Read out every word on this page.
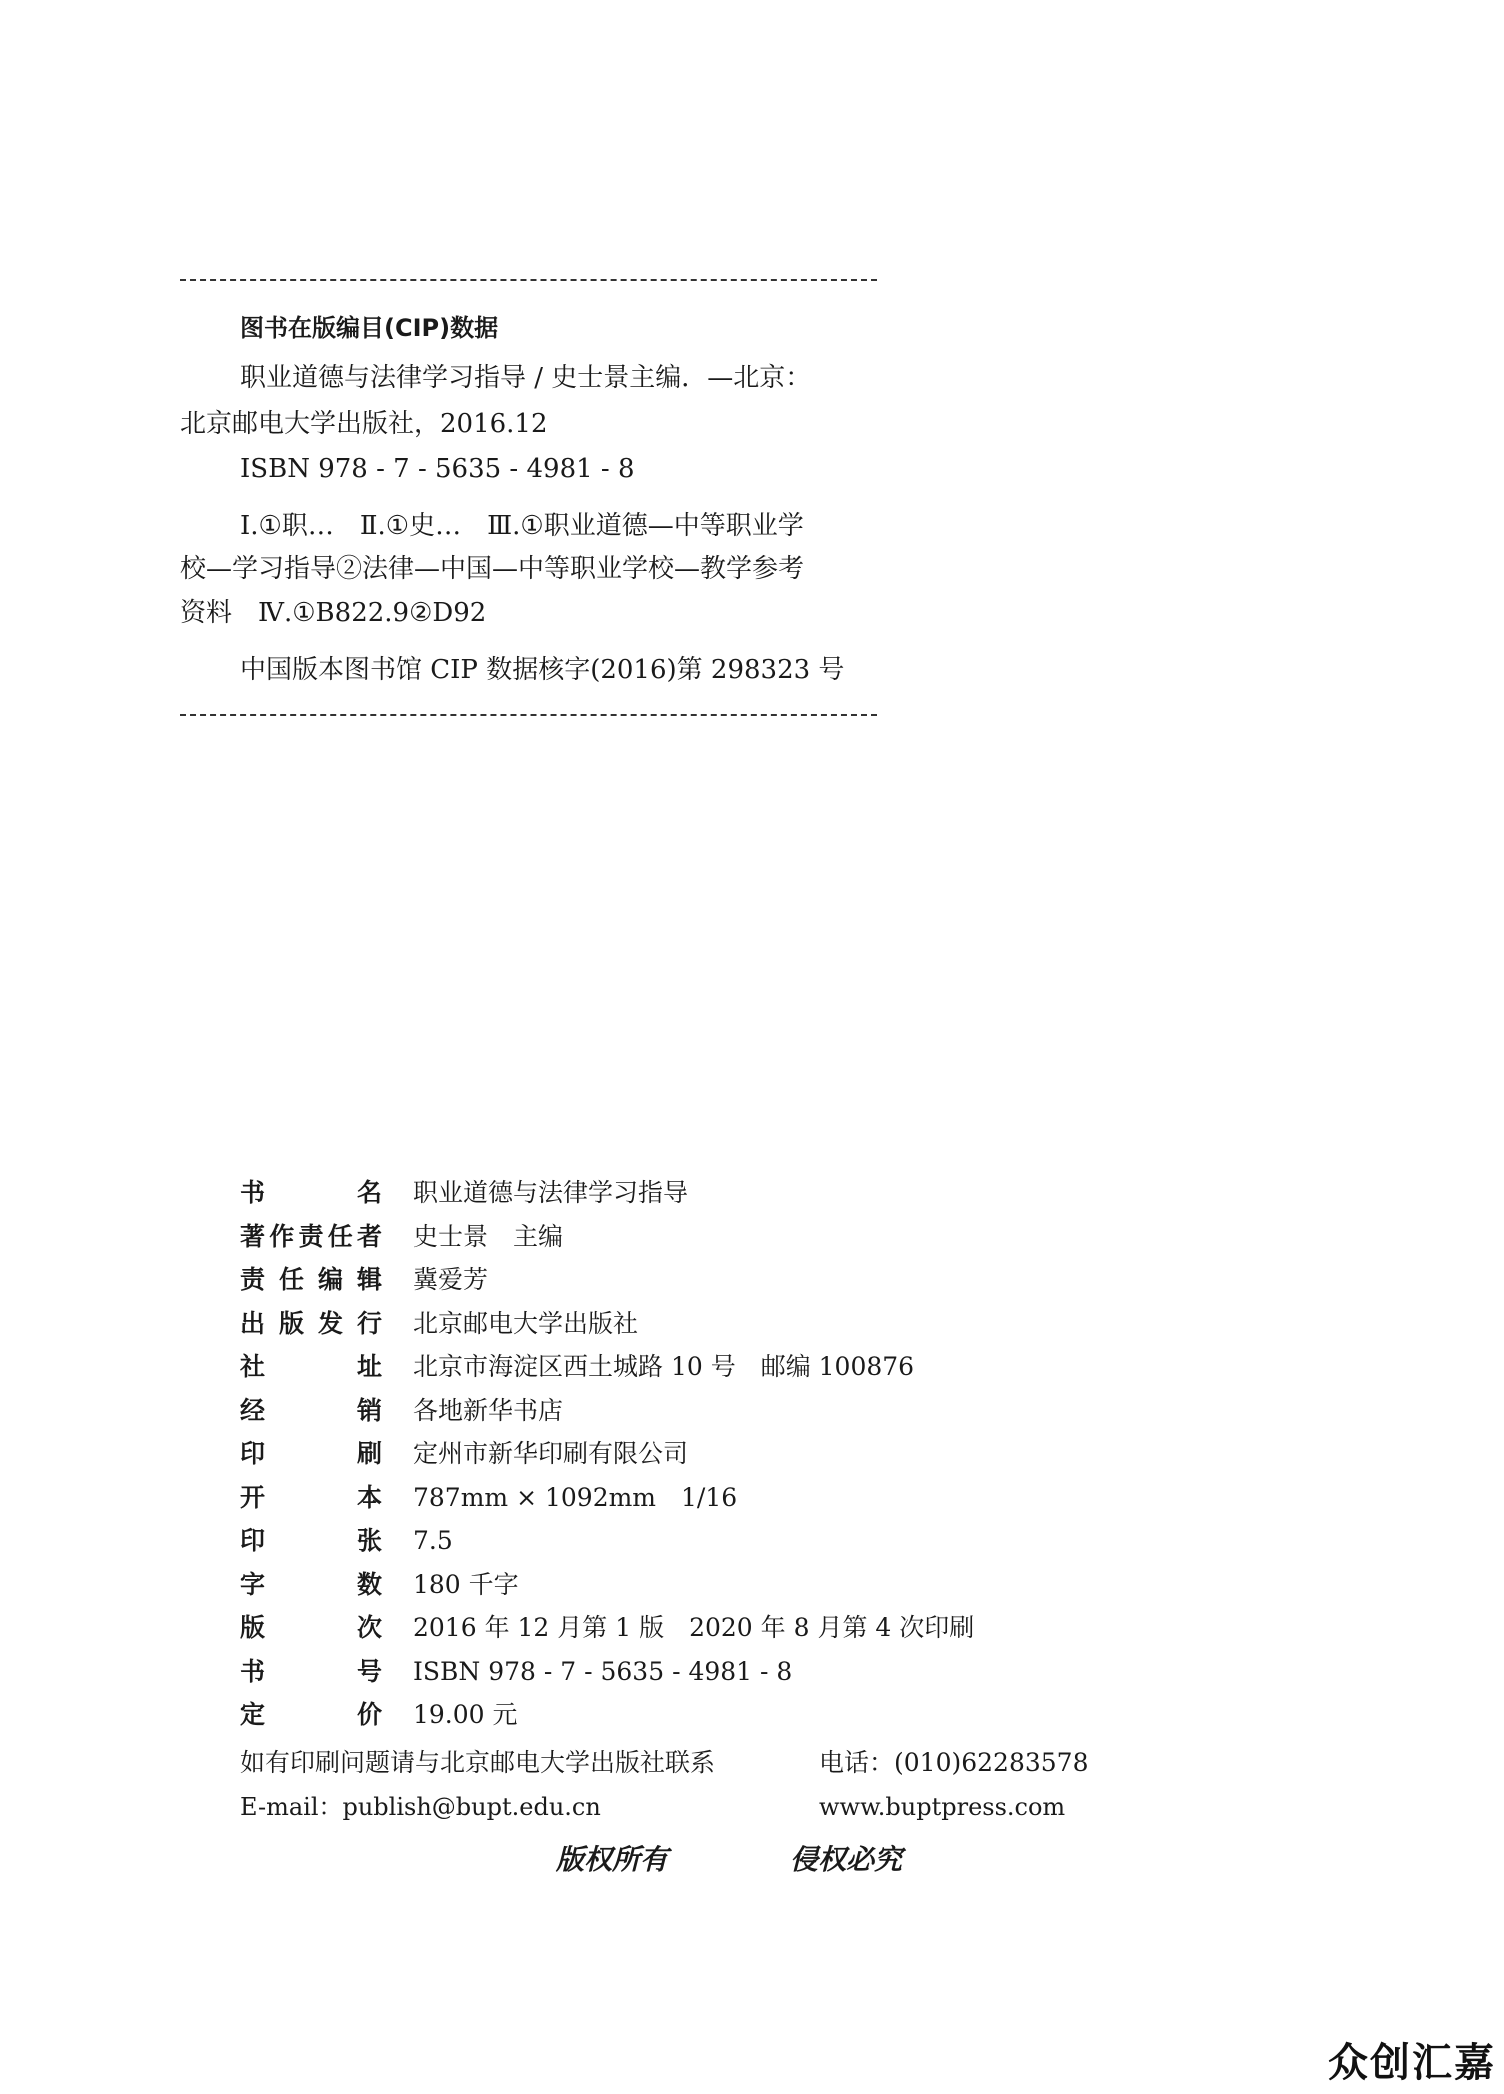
图书在版编目(CIP)数据
职业道德与法律学习指导 / 史士景主编．—北京：
北京邮电大学出版社，2016.12
ISBN 978 - 7 - 5635 - 4981 - 8
Ⅰ.①职…　Ⅱ.①史…　Ⅲ.①职业道德—中等职业学
校—学习指导②法律—中国—中等职业学校—教学参考
资料　Ⅳ.①B822.9②D92
中国版本图书馆 CIP 数据核字(2016)第 298323 号
书	名 职业道德与法律学习指导
著 作 责 任 者 史士景　主编
责 任 编 辑 冀爱芳
出 版 发 行 北京邮电大学出版社
社	址 北京市海淀区西土城路 10 号　邮编 100876
经	销 各地新华书店
印	刷 定州市新华印刷有限公司
开	本 787mm × 1092mm　1/16
印	张 7.5
字	数 180 千字
版	次 2016 年 12 月第 1 版　2020 年 8 月第 4 次印刷
书	号 ISBN 978 - 7 - 5635 - 4981 - 8
定	价 19.00 元
如有印刷问题请与北京邮电大学出版社联系	电话：(010)62283578
E-mail：publish@bupt.edu.cn	www.buptpress.com
版权所有	侵权必究
众创汇嘉
